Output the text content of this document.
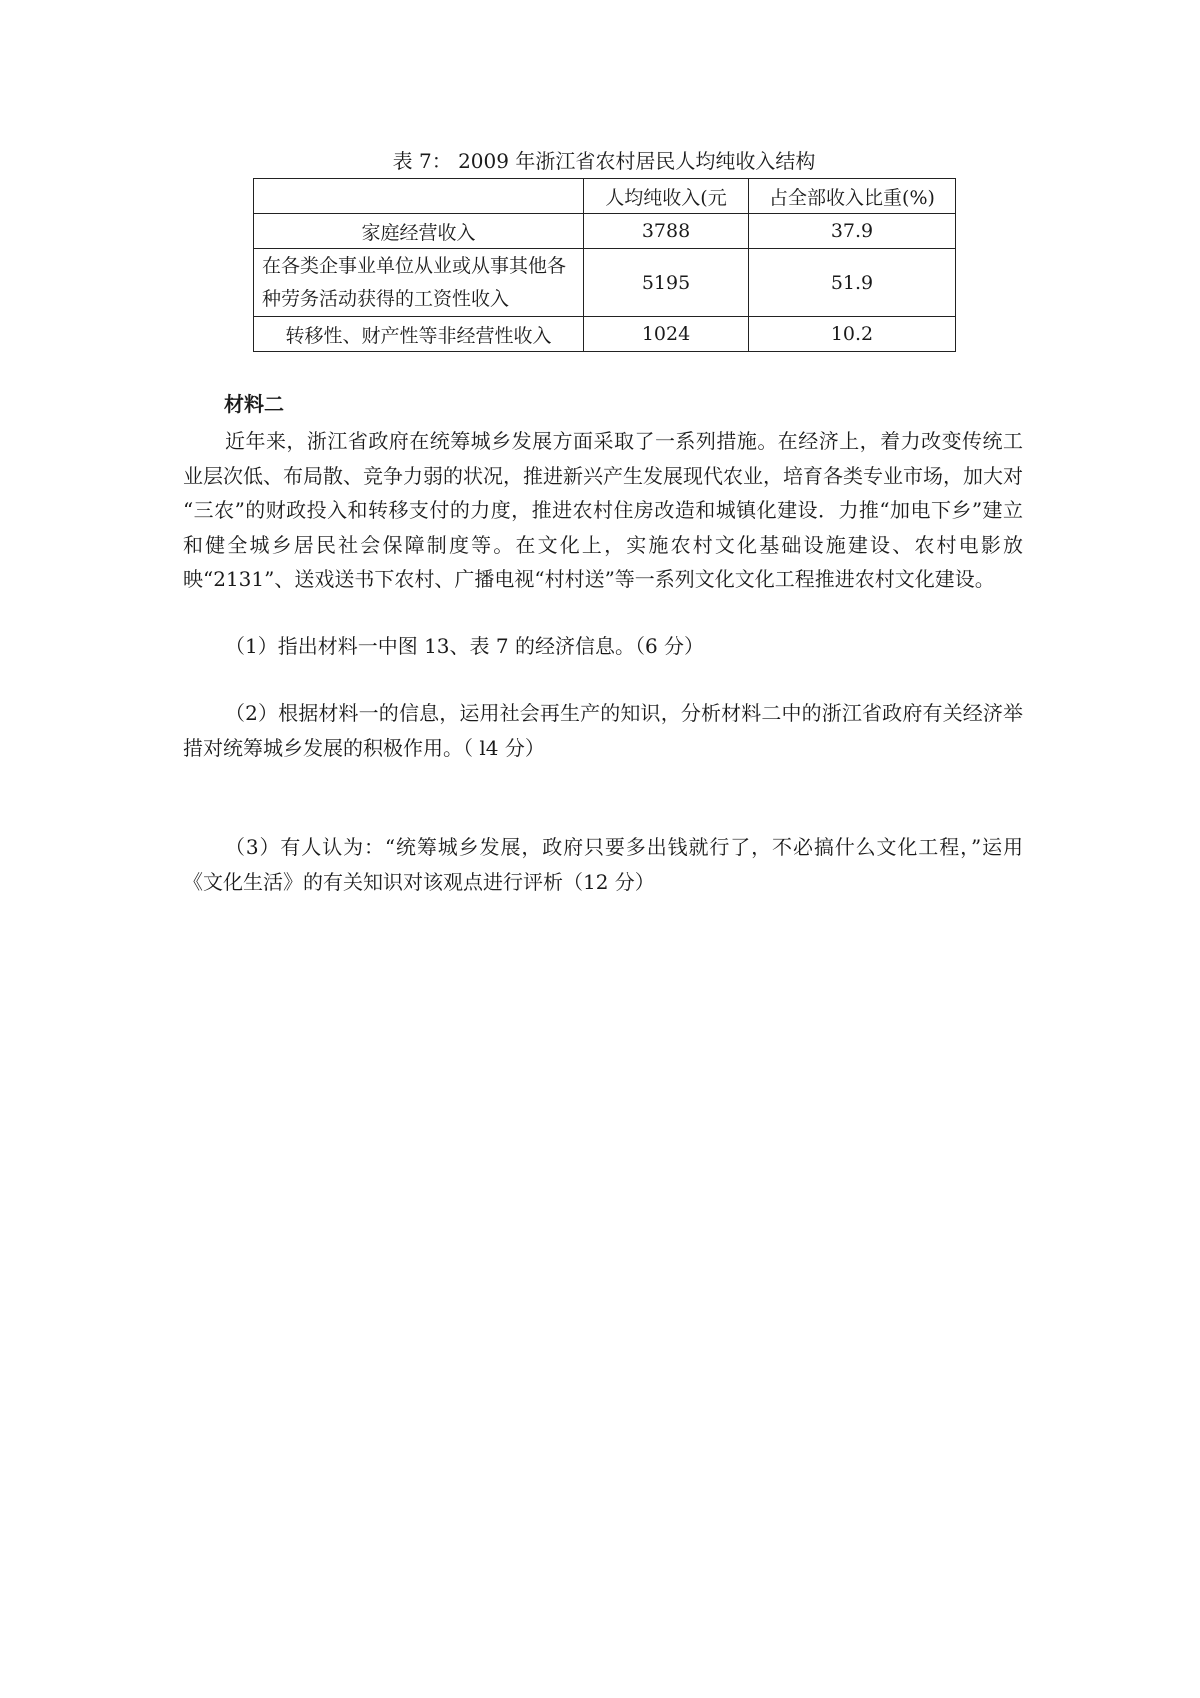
表 7： 2009 年浙江省农村居民人均纯收入结构
	人均纯收入(元	占全部收入比重(%)
家庭经营收入	3788	37.9
在各类企事业单位从业或从事其他各种劳务活动获得的工资性收入	5195	51.9
转移性、财产性等非经营性收入	1024	10.2
材料二

近年来，浙江省政府在统筹城乡发展方面采取了一系列措施。在经济上，着力改变传统工业层次低、布局散、竞争力弱的状况，推进新兴产生发展现代农业，培育各类专业市场，加大对 “三农”的财政投入和转移支付的力度，推进农村住房改造和城镇化建设．力推“加电下乡”建立和健全城乡居民社会保障制度等。在文化上，实施农村文化基础设施建设、农村电影放映“2131”、送戏送书下农村、广播电视“村村送”等一系列文化文化工程推进农村文化建设。

（1）指出材料一中图 13、表 7 的经济信息。（6 分）

（2）根据材料一的信息，运用社会再生产的知识，分析材料二中的浙江省政府有关经济举措对统筹城乡发展的积极作用。（ l4 分）

（3）有人认为：“统筹城乡发展，政府只要多出钱就行了，不必搞什么文化工程，”运用《文化生活》的有关知识对该观点进行评析（12 分）
